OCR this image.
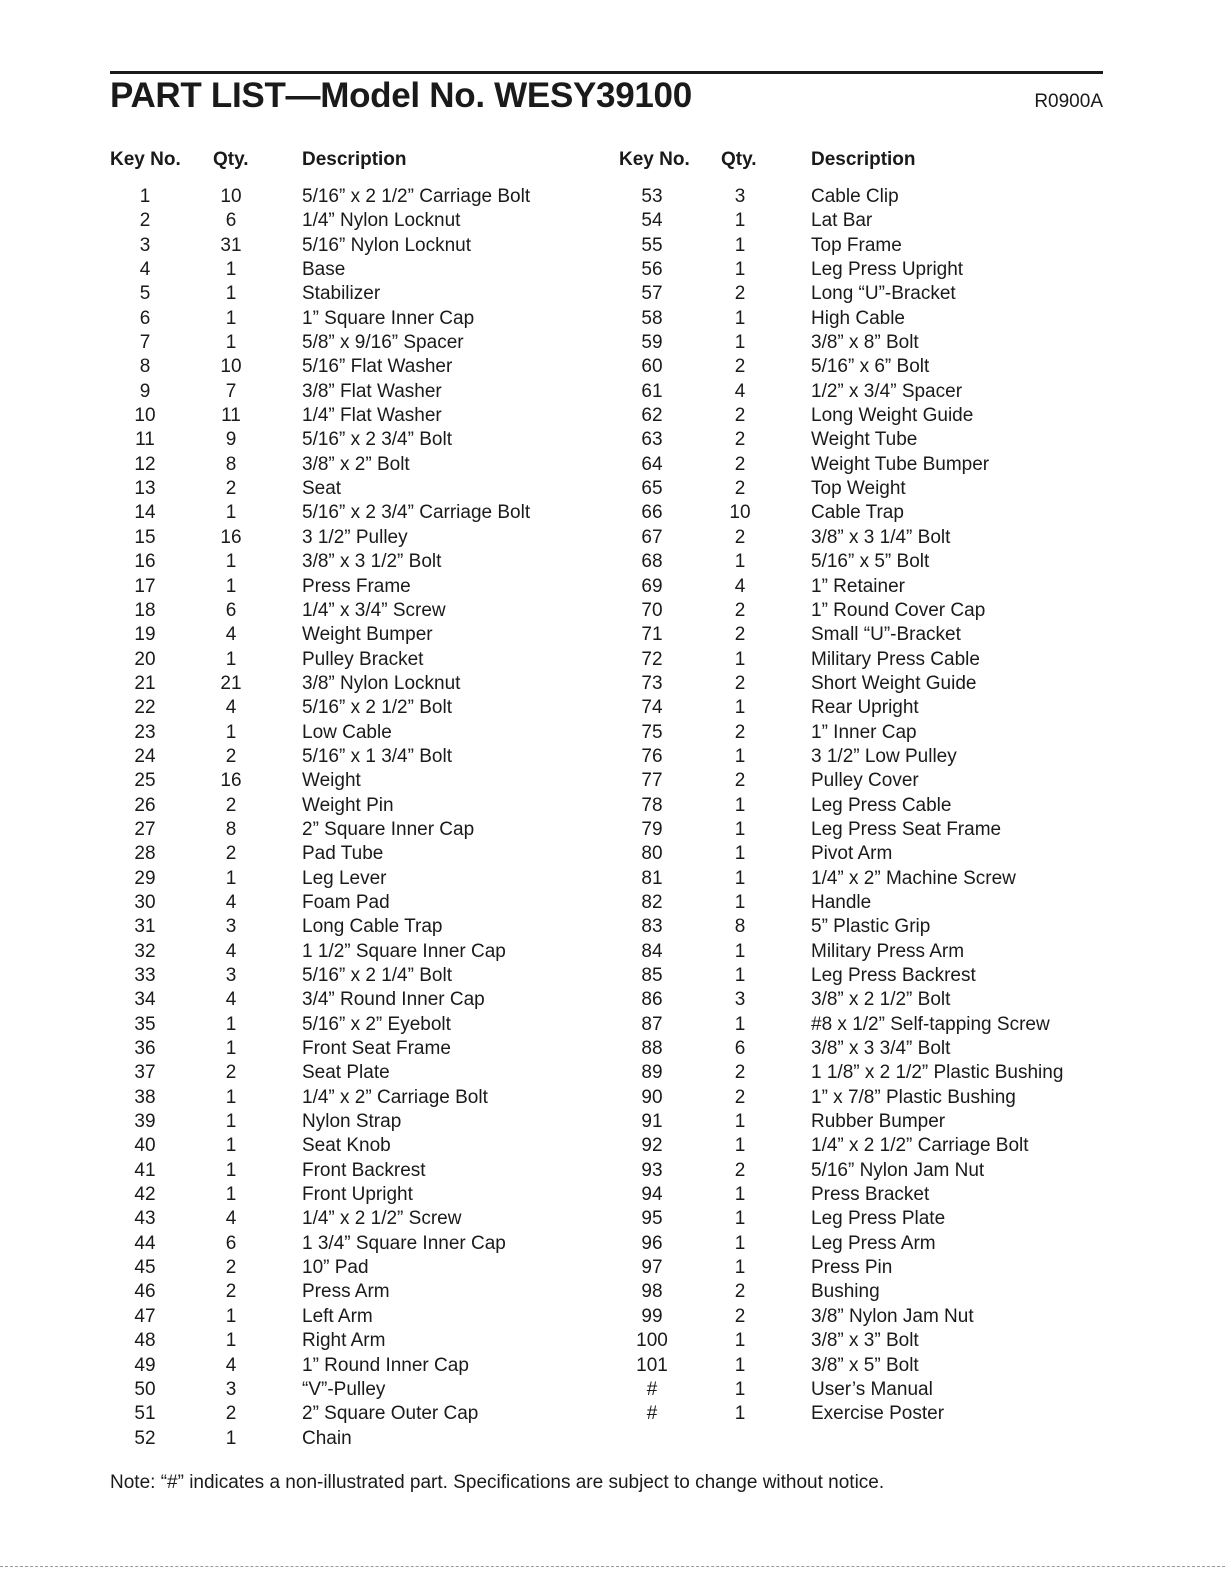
PART LIST—Model No. WESY39100	R0900A
Key No. Qty.	Description	Key No. Qty.	Description
1	10	5/16” x 2 1/2” Carriage Bolt
2	6	1/4” Nylon Locknut
3	31	5/16” Nylon Locknut
4	1	Base
5	1	Stabilizer
6	1	1” Square Inner Cap
7	1	5/8” x 9/16” Spacer
8	10	5/16” Flat Washer
9	7	3/8” Flat Washer
10	11	1/4” Flat Washer
11	9	5/16” x 2 3/4” Bolt
12	8	3/8” x 2” Bolt
13	2	Seat
14	1	5/16” x 2 3/4” Carriage Bolt
15	16	3 1/2” Pulley
16	1	3/8” x 3 1/2” Bolt
17	1	Press Frame
18	6	1/4” x 3/4” Screw
19	4	Weight Bumper
20	1	Pulley Bracket
21	21	3/8” Nylon Locknut
22	4	5/16” x 2 1/2” Bolt
23	1	Low Cable
24	2	5/16” x 1 3/4” Bolt
25	16	Weight
26	2	Weight Pin
27	8	2” Square Inner Cap
28	2	Pad Tube
29	1	Leg Lever
30	4	Foam Pad
31	3	Long Cable Trap
32	4	1 1/2” Square Inner Cap
33	3	5/16” x 2 1/4” Bolt
34	4	3/4” Round Inner Cap
35	1	5/16” x 2” Eyebolt
36	1	Front Seat Frame
37	2	Seat Plate
38	1	1/4” x 2” Carriage Bolt
39	1	Nylon Strap
40	1	Seat Knob
41	1	Front Backrest
42	1	Front Upright
43	4	1/4” x 2 1/2” Screw
44	6	1 3/4” Square Inner Cap
45	2	10” Pad
46	2	Press Arm
47	1	Left Arm
48	1	Right Arm
49	4	1” Round Inner Cap
50	3	“V”-Pulley
51	2	2” Square Outer Cap
52	1	Chain
53	3	Cable Clip
54	1	Lat Bar
55	1	Top Frame
56	1	Leg Press Upright
57	2	Long “U”-Bracket
58	1	High Cable
59	1	3/8” x 8” Bolt
60	2	5/16” x 6” Bolt
61	4	1/2” x 3/4” Spacer
62	2	Long Weight Guide
63	2	Weight Tube
64	2	Weight Tube Bumper
65	2	Top Weight
66	10	Cable Trap
67	2	3/8” x 3 1/4” Bolt
68	1	5/16” x 5” Bolt
69	4	1” Retainer
70	2	1” Round Cover Cap
71	2	Small “U”-Bracket
72	1	Military Press Cable
73	2	Short Weight Guide
74	1	Rear Upright
75	2	1” Inner Cap
76	1	3 1/2” Low Pulley
77	2	Pulley Cover
78	1	Leg Press Cable
79	1	Leg Press Seat Frame
80	1	Pivot Arm
81	1	1/4” x 2” Machine Screw
82	1	Handle
83	8	5” Plastic Grip
84	1	Military Press Arm
85	1	Leg Press Backrest
86	3	3/8” x 2 1/2” Bolt
87	1	#8 x 1/2” Self-tapping Screw
88	6	3/8” x 3 3/4” Bolt
89	2	1 1/8” x 2 1/2” Plastic Bushing
90	2	1” x 7/8” Plastic Bushing
91	1	Rubber Bumper
92	1	1/4” x 2 1/2” Carriage Bolt
93	2	5/16” Nylon Jam Nut
94	1	Press Bracket
95	1	Leg Press Plate
96	1	Leg Press Arm
97	1	Press Pin
98	2	Bushing
99	2	3/8” Nylon Jam Nut
100	1	3/8” x 3” Bolt
101	1	3/8” x 5” Bolt
#	1	User’s Manual
#	1	Exercise Poster
Note: “#” indicates a non-illustrated part. Specifications are subject to change without notice.
